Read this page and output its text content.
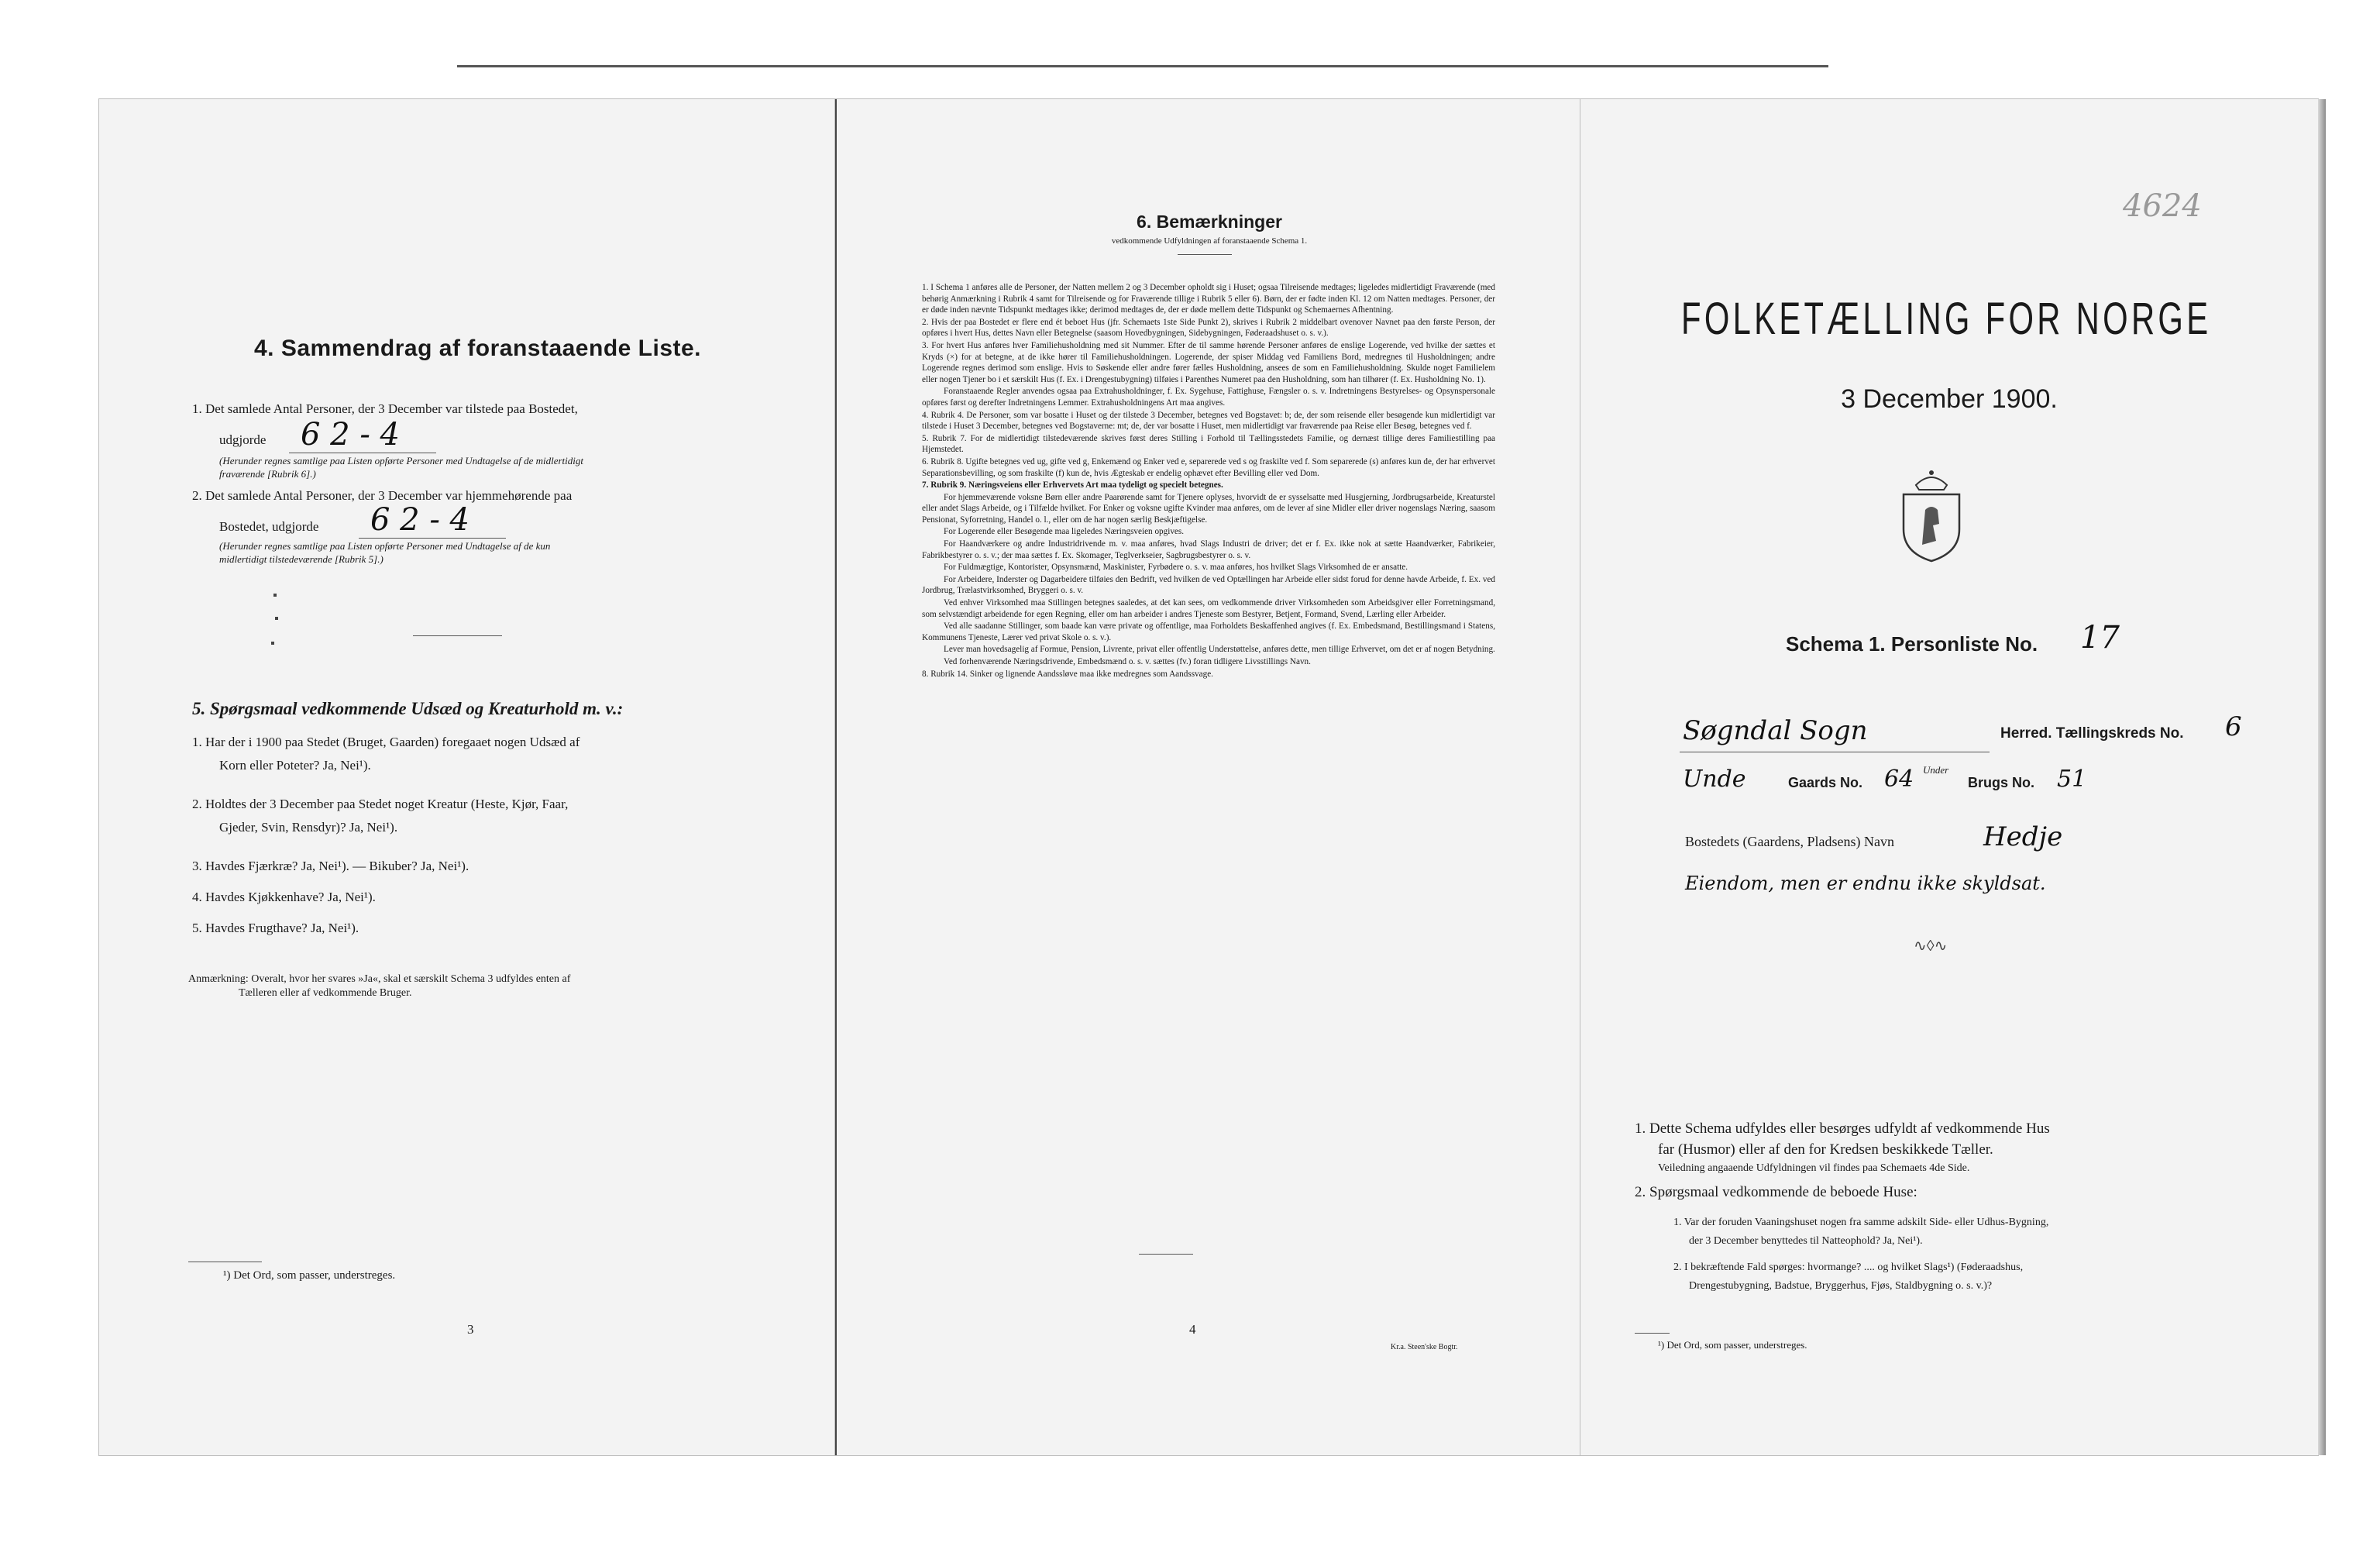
4. Sammendrag af foranstaaende Liste.
1. Det samlede Antal Personer, der 3 December var tilstede paa Bostedet,
udgjorde 6 2 - 4
(Herunder regnes samtlige paa Listen opførte Personer med Undtagelse af de midlertidigt
fraværende [Rubrik 6].)
2. Det samlede Antal Personer, der 3 December var hjemmehørende paa
Bostedet, udgjorde 6 2 - 4
(Herunder regnes samtlige paa Listen opførte Personer med Undtagelse af de kun
midlertidigt tilstedeværende [Rubrik 5].)
5. Spørgsmaal vedkommende Udsæd og Kreaturhold m. v.:
1. Har der i 1900 paa Stedet (Bruget, Gaarden) foregaaet nogen Udsæd af
Korn eller Poteter? Ja, Nei¹).
2. Holdtes der 3 December paa Stedet noget Kreatur (Heste, Kjør, Faar,
Gjeder, Svin, Rensdyr)? Ja, Nei¹).
3. Havdes Fjærkræ? Ja, Nei¹). — Bikuber? Ja, Nei¹).
4. Havdes Kjøkkenhave? Ja, Nei¹).
5. Havdes Frugthave? Ja, Nei¹).
Anmærkning: Overalt, hvor her svares »Ja«, skal et særskilt Schema 3 udfyldes enten af
Tælleren eller af vedkommende Bruger.
¹) Det Ord, som passer, understreges.
3
6. Bemærkninger
vedkommende Udfyldningen af foranstaaende Schema 1.
1. I Schema 1 anføres alle de Personer, der Natten mellem 2 og 3 December opholdt sig i Huset; ogsaa Tilreisende medtages; ligeledes midlertidigt Fraværende (med behørig Anmærkning i Rubrik 4 samt for Tilreisende og for Fraværende tillige i Rubrik 5 eller 6). Børn, der er fødte inden Kl. 12 om Natten medtages. Personer, der er døde inden nævnte Tidspunkt medtages ikke; derimod medtages de, der er døde mellem dette Tidspunkt og Schemaernes Afhentning.
2. Hvis der paa Bostedet er flere end ét beboet Hus (jfr. Schemaets 1ste Side Punkt 2), skrives i Rubrik 2 middelbart ovenover Navnet paa den første Person, der opføres i hvert Hus, dettes Navn eller Betegnelse (saasom Hovedbygningen, Sidebygningen, Føderaadshuset o. s. v.).
3. For hvert Hus anføres hver Familiehusholdning med sit Nummer. Efter de til samme hørende Personer anføres de enslige Logerende, ved hvilke der sættes et Kryds (×) for at betegne, at de ikke hører til Familiehusholdningen. Logerende, der spiser Middag ved Familiens Bord, medregnes til Husholdningen; andre Logerende regnes derimod som enslige. Hvis to Søskende eller andre fører fælles Husholdning, ansees de som en Familiehusholdning. Skulde noget Familielem eller nogen Tjener bo i et særskilt Hus (f. Ex. i Drengestubygning) tilføies i Parenthes Numeret paa den Husholdning, som han tilhører (f. Ex. Husholdning No. 1).
Foranstaaende Regler anvendes ogsaa paa Extrahusholdninger, f. Ex. Sygehuse, Fattighuse, Fængsler o. s. v. Indretningens Bestyrelses- og Opsynspersonale opføres først og derefter Indretningens Lemmer. Extrahusholdningens Art maa angives.
4. Rubrik 4. De Personer, som var bosatte i Huset og der tilstede 3 December, betegnes ved Bogstavet: b; de, der som reisende eller besøgende kun midlertidigt var tilstede i Huset 3 December, betegnes ved Bogstaverne: mt; de, der var bosatte i Huset, men midlertidigt var fraværende paa Reise eller Besøg, betegnes ved f.
5. Rubrik 7. For de midlertidigt tilstedeværende skrives først deres Stilling i Forhold til Tællingsstedets Familie, og dernæst tillige deres Familiestilling paa Hjemstedet.
6. Rubrik 8. Ugifte betegnes ved ug, gifte ved g, Enkemænd og Enker ved e, separerede ved s og fraskilte ved f. Som separerede (s) anføres kun de, der har erhvervet Separationsbevilling, og som fraskilte (f) kun de, hvis Ægteskab er endelig ophævet efter Bevilling eller ved Dom.
7. Rubrik 9. Næringsveiens eller Erhvervets Art maa tydeligt og specielt betegnes.
For hjemmeværende voksne Børn eller andre Paarørende samt for Tjenere oplyses, hvorvidt de er sysselsatte med Husgjerning, Jordbrugsarbeide, Kreaturstel eller andet Slags Arbeide, og i Tilfælde hvilket. For Enker og voksne ugifte Kvinder maa anføres, om de lever af sine Midler eller driver nogenslags Næring, saasom Pensionat, Syforretning, Handel o. l., eller om de har nogen særlig Beskjæftigelse.
For Logerende eller Besøgende maa ligeledes Næringsveien opgives.
For Haandværkere og andre Industridrivende m. v. maa anføres, hvad Slags Industri de driver; det er f. Ex. ikke nok at sætte Haandværker, Fabrikeier, Fabrikbestyrer o. s. v.; der maa sættes f. Ex. Skomager, Teglverkseier, Sagbrugsbestyrer o. s. v.
For Fuldmægtige, Kontorister, Opsynsmænd, Maskinister, Fyrbødere o. s. v. maa anføres, hos hvilket Slags Virksomhed de er ansatte.
For Arbeidere, Inderster og Dagarbeidere tilføies den Bedrift, ved hvilken de ved Optællingen har Arbeide eller sidst forud for denne havde Arbeide, f. Ex. ved Jordbrug, Trælastvirksomhed, Bryggeri o. s. v.
Ved enhver Virksomhed maa Stillingen betegnes saaledes, at det kan sees, om vedkommende driver Virksomheden som Arbeidsgiver eller Forretningsmand, som selvstændigt arbeidende for egen Regning, eller om han arbeider i andres Tjeneste som Bestyrer, Betjent, Formand, Svend, Lærling eller Arbeider.
Ved alle saadanne Stillinger, som baade kan være private og offentlige, maa Forholdets Beskaffenhed angives (f. Ex. Embedsmand, Bestillingsmand i Statens, Kommunens Tjeneste, Lærer ved privat Skole o. s. v.).
Lever man hovedsagelig af Formue, Pension, Livrente, privat eller offentlig Understøttelse, anføres dette, men tillige Erhvervet, om det er af nogen Betydning.
Ved forhenværende Næringsdrivende, Embedsmænd o. s. v. sættes (fv.) foran tidligere Livsstillings Navn.
8. Rubrik 14. Sinker og lignende Aandssløve maa ikke medregnes som Aandssvage.
4
Kr.a. Steen'ske Bogtr.
4624
FOLKETÆLLING FOR NORGE
3 December 1900.
Schema 1. Personliste No. 17
Søgndal Sogn	Herred. Tællingskreds No. 6
Unde	Gaards No. 64 Under
Brugs No. 51
Bostedets (Gaardens, Pladsens) Navn	Hedje
Eiendom, men er endnu ikke skyldsat.
∿◊∿
1. Dette Schema udfyldes eller besørges udfyldt af vedkommende Hus
far (Husmor) eller af den for Kredsen beskikkede Tæller.
Veiledning angaaende Udfyldningen vil findes paa Schemaets 4de Side.
2. Spørgsmaal vedkommende de beboede Huse:
1. Var der foruden Vaaningshuset nogen fra samme adskilt Side- eller Udhus-Bygning,
der 3 December benyttedes til Natteophold? Ja, Nei¹).
2. I bekræftende Fald spørges: hvormange? .... og hvilket Slags¹) (Føderaadshus,
Drengestubygning, Badstue, Bryggerhus, Fjøs, Staldbygning o. s. v.)?
¹) Det Ord, som passer, understreges.
